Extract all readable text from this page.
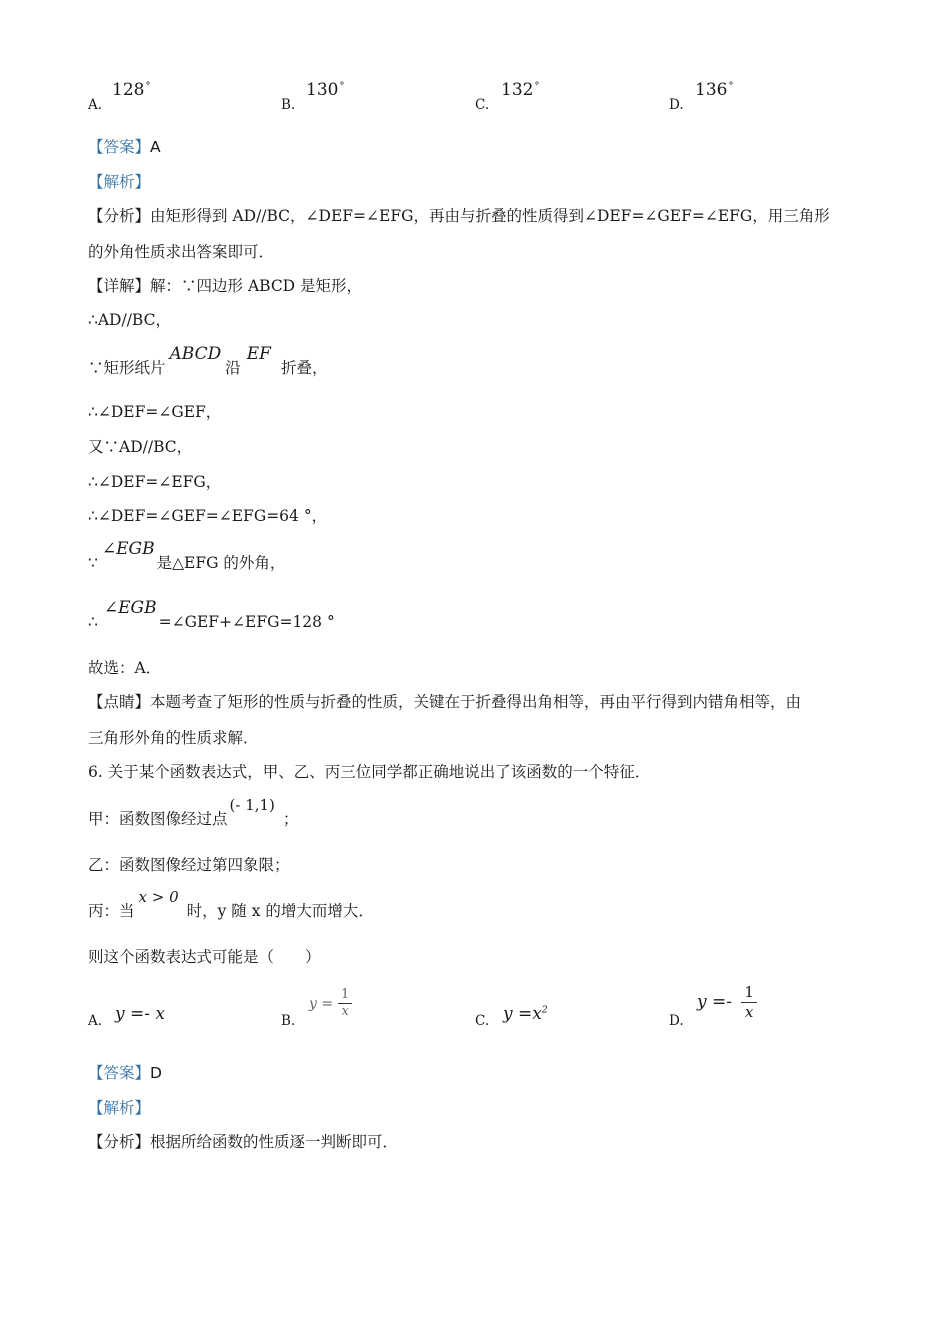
A.
128°
B.
130°
C.
132°
D.
136°
【答案】A
【解析】
【分析】由矩形得到 AD//BC，∠DEF=∠EFG，再由与折叠的性质得到∠DEF=∠GEF=∠EFG，用三角形
的外角性质求出答案即可．
【详解】解：∵四边形 ABCD 是矩形，
∴AD//BC，
∵矩形纸片ABCD沿EF折叠，
∴∠DEF=∠GEF，
又∵AD//BC，
∴∠DEF=∠EFG，
∴∠DEF=∠GEF=∠EFG=64 °，
∵∠EGB是△EFG 的外角，
∴∠EGB=∠GEF+∠EFG=128 °
故选：A．
【点睛】本题考查了矩形的性质与折叠的性质，关键在于折叠得出角相等，再由平行得到内错角相等，由
三角形外角的性质求解．
6. 关于某个函数表达式，甲、乙、丙三位同学都正确地说出了该函数的一个特征．
甲：函数图像经过点(- 1,1)；
乙：函数图像经过第四象限；
丙：当x > 0时，y 随 x 的增大而增大．
则这个函数表达式可能是（　　）
A. y =- x	B.
$y = \frac{1}{x}$
C. $y =x^2$
D.
$y =- \frac{1}{x}$
【答案】D
【解析】
【分析】根据所给函数的性质逐一判断即可．
